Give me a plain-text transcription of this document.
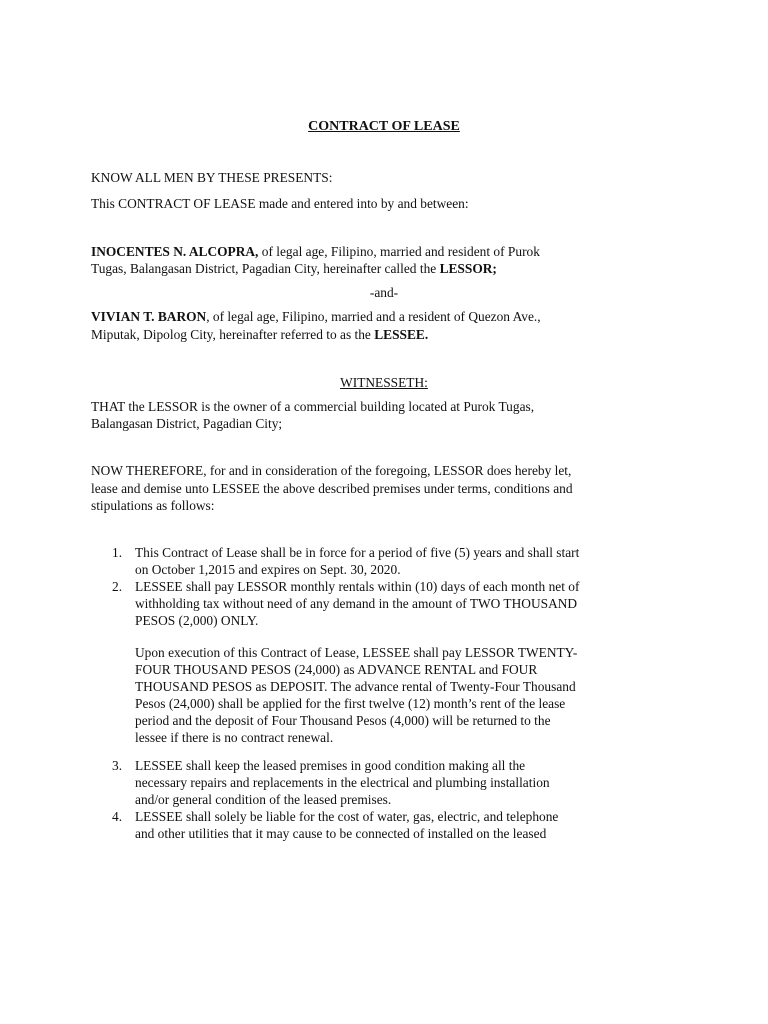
CONTRACT OF LEASE
KNOW ALL MEN BY THESE PRESENTS:
This CONTRACT OF LEASE made and entered into by and between:
INOCENTES N. ALCOPRA, of legal age, Filipino, married and resident of Purok
Tugas, Balangasan District, Pagadian City, hereinafter called the LESSOR;
-and-
VIVIAN T. BARON, of legal age, Filipino, married and a resident of Quezon Ave.,
Miputak, Dipolog City, hereinafter referred to as the LESSEE.
WITNESSETH:
THAT the LESSOR is the owner of a commercial building located at Purok Tugas,
Balangasan District, Pagadian City;
NOW THEREFORE, for and in consideration of the foregoing, LESSOR does hereby let,
lease and demise unto LESSEE the above described premises under terms, conditions and
stipulations as follows:
1. This Contract of Lease shall be in force for a period of five (5) years and shall start
on October 1,2015 and expires on Sept. 30, 2020.
2. LESSEE shall pay LESSOR monthly rentals within (10) days of each month net of
withholding tax without need of any demand in the amount of TWO THOUSAND
PESOS (2,000) ONLY.
Upon execution of this Contract of Lease, LESSEE shall pay LESSOR TWENTY-
FOUR THOUSAND PESOS (24,000) as ADVANCE RENTAL and FOUR
THOUSAND PESOS as DEPOSIT. The advance rental of Twenty-Four Thousand
Pesos (24,000) shall be applied for the first twelve (12) month’s rent of the lease
period and the deposit of Four Thousand Pesos (4,000) will be returned to the
lessee if there is no contract renewal.
3. LESSEE shall keep the leased premises in good condition making all the
necessary repairs and replacements in the electrical and plumbing installation
and/or general condition of the leased premises.
4. LESSEE shall solely be liable for the cost of water, gas, electric, and telephone
and other utilities that it may cause to be connected of installed on the leased
